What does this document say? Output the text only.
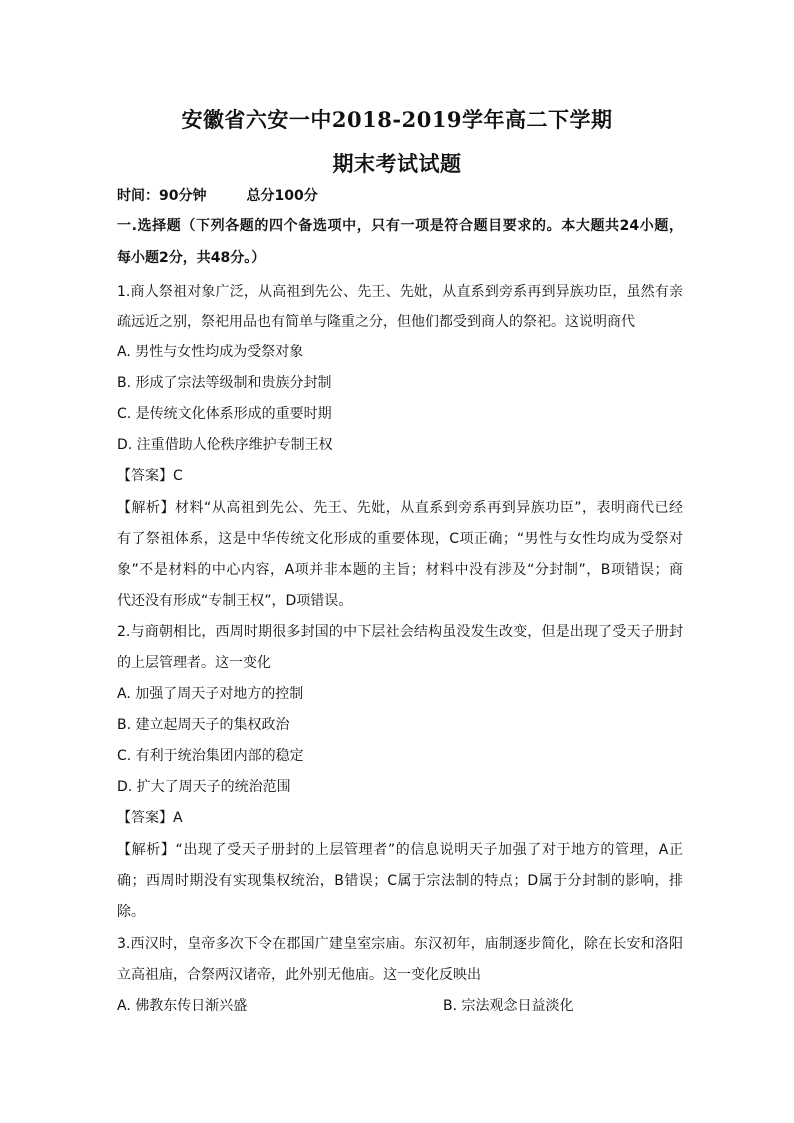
安徽省六安一中2018-2019学年高二下学期
期末考试试题
时间：90分钟	总分100分
一.选择题（下列各题的四个备选项中，只有一项是符合题目要求的。本大题共24小题，
每小题2分，共48分。）
1.商人祭祖对象广泛，从高祖到先公、先王、先妣，从直系到旁系再到异族功臣，虽然有亲
疏远近之别，祭祀用品也有简单与隆重之分，但他们都受到商人的祭祀。这说明商代
A. 男性与女性均成为受祭对象
B. 形成了宗法等级制和贵族分封制
C. 是传统文化体系形成的重要时期
D. 注重借助人伦秩序维护专制王权
【答案】C
【解析】材料“从高祖到先公、先王、先妣，从直系到旁系再到异族功臣”，表明商代已经
有了祭祖体系，这是中华传统文化形成的重要体现，C项正确；“男性与女性均成为受祭对
象”不是材料的中心内容，A项并非本题的主旨；材料中没有涉及“分封制”，B项错误；商
代还没有形成“专制王权”，D项错误。
2.与商朝相比，西周时期很多封国的中下层社会结构虽没发生改变，但是出现了受天子册封
的上层管理者。这一变化
A. 加强了周天子对地方的控制
B. 建立起周天子的集权政治
C. 有利于统治集团内部的稳定
D. 扩大了周天子的统治范围
【答案】A
【解析】“出现了受天子册封的上层管理者”的信息说明天子加强了对于地方的管理，A正
确；西周时期没有实现集权统治，B错误；C属于宗法制的特点；D属于分封制的影响，排
除。
3.西汉时，皇帝多次下令在郡国广建皇室宗庙。东汉初年，庙制逐步简化，除在长安和洛阳
立高祖庙，合祭两汉诸帝，此外别无他庙。这一变化反映出
A. 佛教东传日渐兴盛	B. 宗法观念日益淡化
